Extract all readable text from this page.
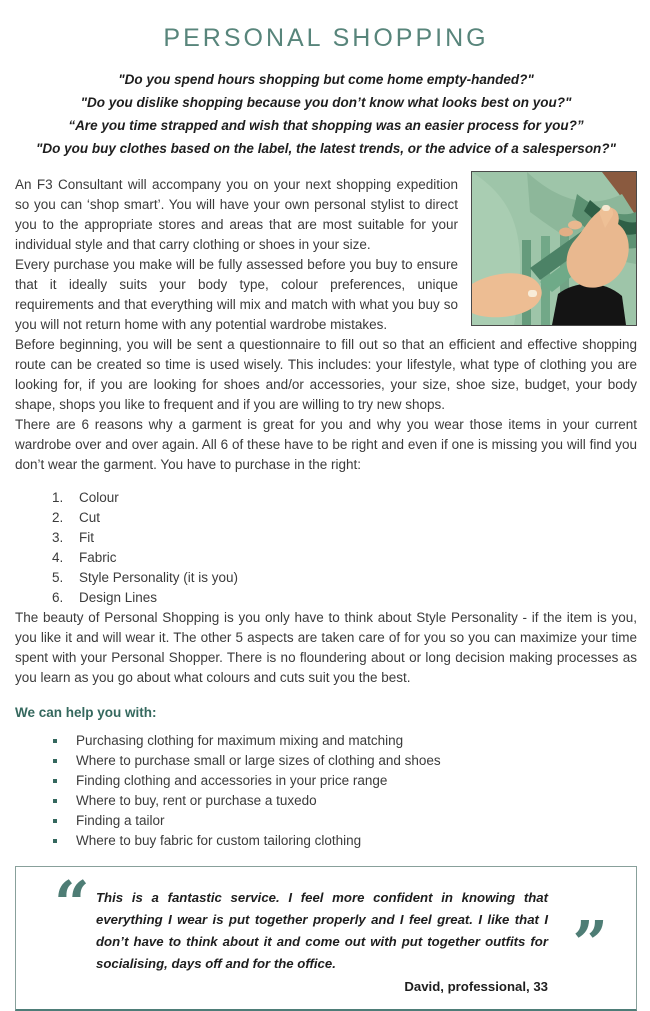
PERSONAL SHOPPING
"Do you spend hours shopping but come home empty-handed?"
"Do you dislike shopping because you don’t know what looks best on you?"
“Are you time strapped and wish that shopping was an easier process for you?”
"Do you buy clothes based on the label, the latest trends, or the advice of a salesperson?"

An F3 Consultant will accompany you on your next shopping expedition so you can ‘shop smart’. You will have your own personal stylist to direct you to the appropriate stores and areas that are most suitable for your individual style and that carry clothing or shoes in your size.

Every purchase you make will be fully assessed before you buy to ensure that it ideally suits your body type, colour preferences, unique requirements and that everything will mix and match with what you buy so you will not return home with any potential wardrobe mistakes.

Before beginning, you will be sent a questionnaire to fill out so that an efficient and effective shopping route can be created so time is used wisely. This includes: your lifestyle, what type of clothing you are looking for, if you are looking for shoes and/or accessories, your size, shoe size, budget, your body shape, shops you like to frequent and if you are willing to try new shops.

There are 6 reasons why a garment is great for you and why you wear those items in your current wardrobe over and over again. All 6 of these have to be right and even if one is missing you will find you don’t wear the garment. You have to purchase in the right:

1. Colour
2. Cut
3. Fit
4. Fabric
5. Style Personality (it is you)
6. Design Lines

The beauty of Personal Shopping is you only have to think about Style Personality - if the item is you, you like it and will wear it. The other 5 aspects are taken care of for you so you can maximize your time spent with your Personal Shopper. There is no floundering about or long decision making processes as you learn as you go about what colours and cuts suit you the best.

We can help you with:
Purchasing clothing for maximum mixing and matching
Where to purchase small or large sizes of clothing and shoes
Finding clothing and accessories in your price range
Where to buy, rent or purchase a tuxedo
Finding a tailor
Where to buy fabric for custom tailoring clothing
“ This is a fantastic service. I feel more confident in knowing that everything I wear is put together properly and I feel great. I like that I don’t have to think about it and come out with put together outfits for socialising, days off and for the office.	”
David, professional, 33
